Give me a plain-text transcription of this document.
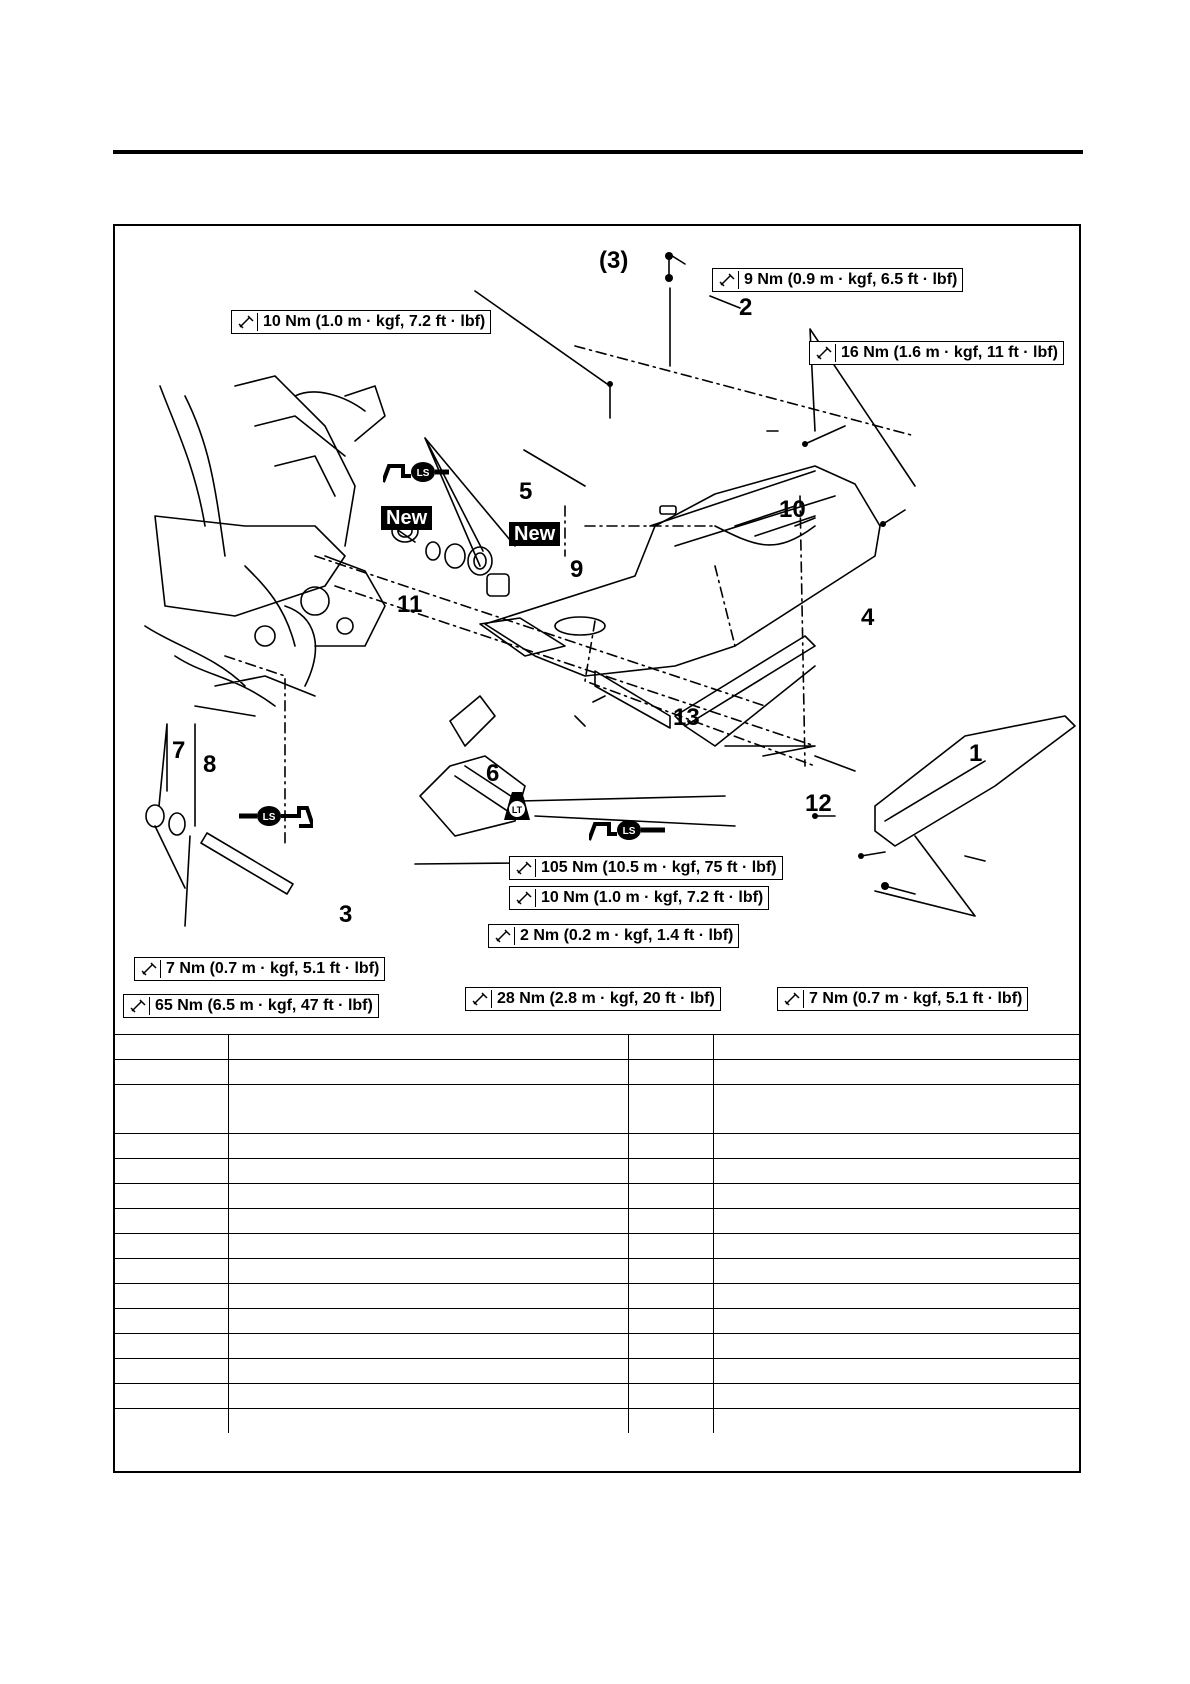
(3)
2
5
10
9
11	4
13
1
7
8	6
12
3
New
New
LS
LS
LS
LT
9 Nm (0.9 m · kgf, 6.5 ft · lbf)
10 Nm (1.0 m · kgf, 7.2 ft · lbf)
16 Nm (1.6 m · kgf, 11 ft · lbf)
105 Nm (10.5 m · kgf, 75 ft · lbf)
10 Nm (1.0 m · kgf, 7.2 ft · lbf)
2 Nm (0.2 m · kgf, 1.4 ft · lbf)
7 Nm (0.7 m · kgf, 5.1 ft · lbf)
65 Nm (6.5 m · kgf, 47 ft · lbf)	28 Nm (2.8 m · kgf, 20 ft · lbf)	7 Nm (0.7 m · kgf, 5.1 ft · lbf)
